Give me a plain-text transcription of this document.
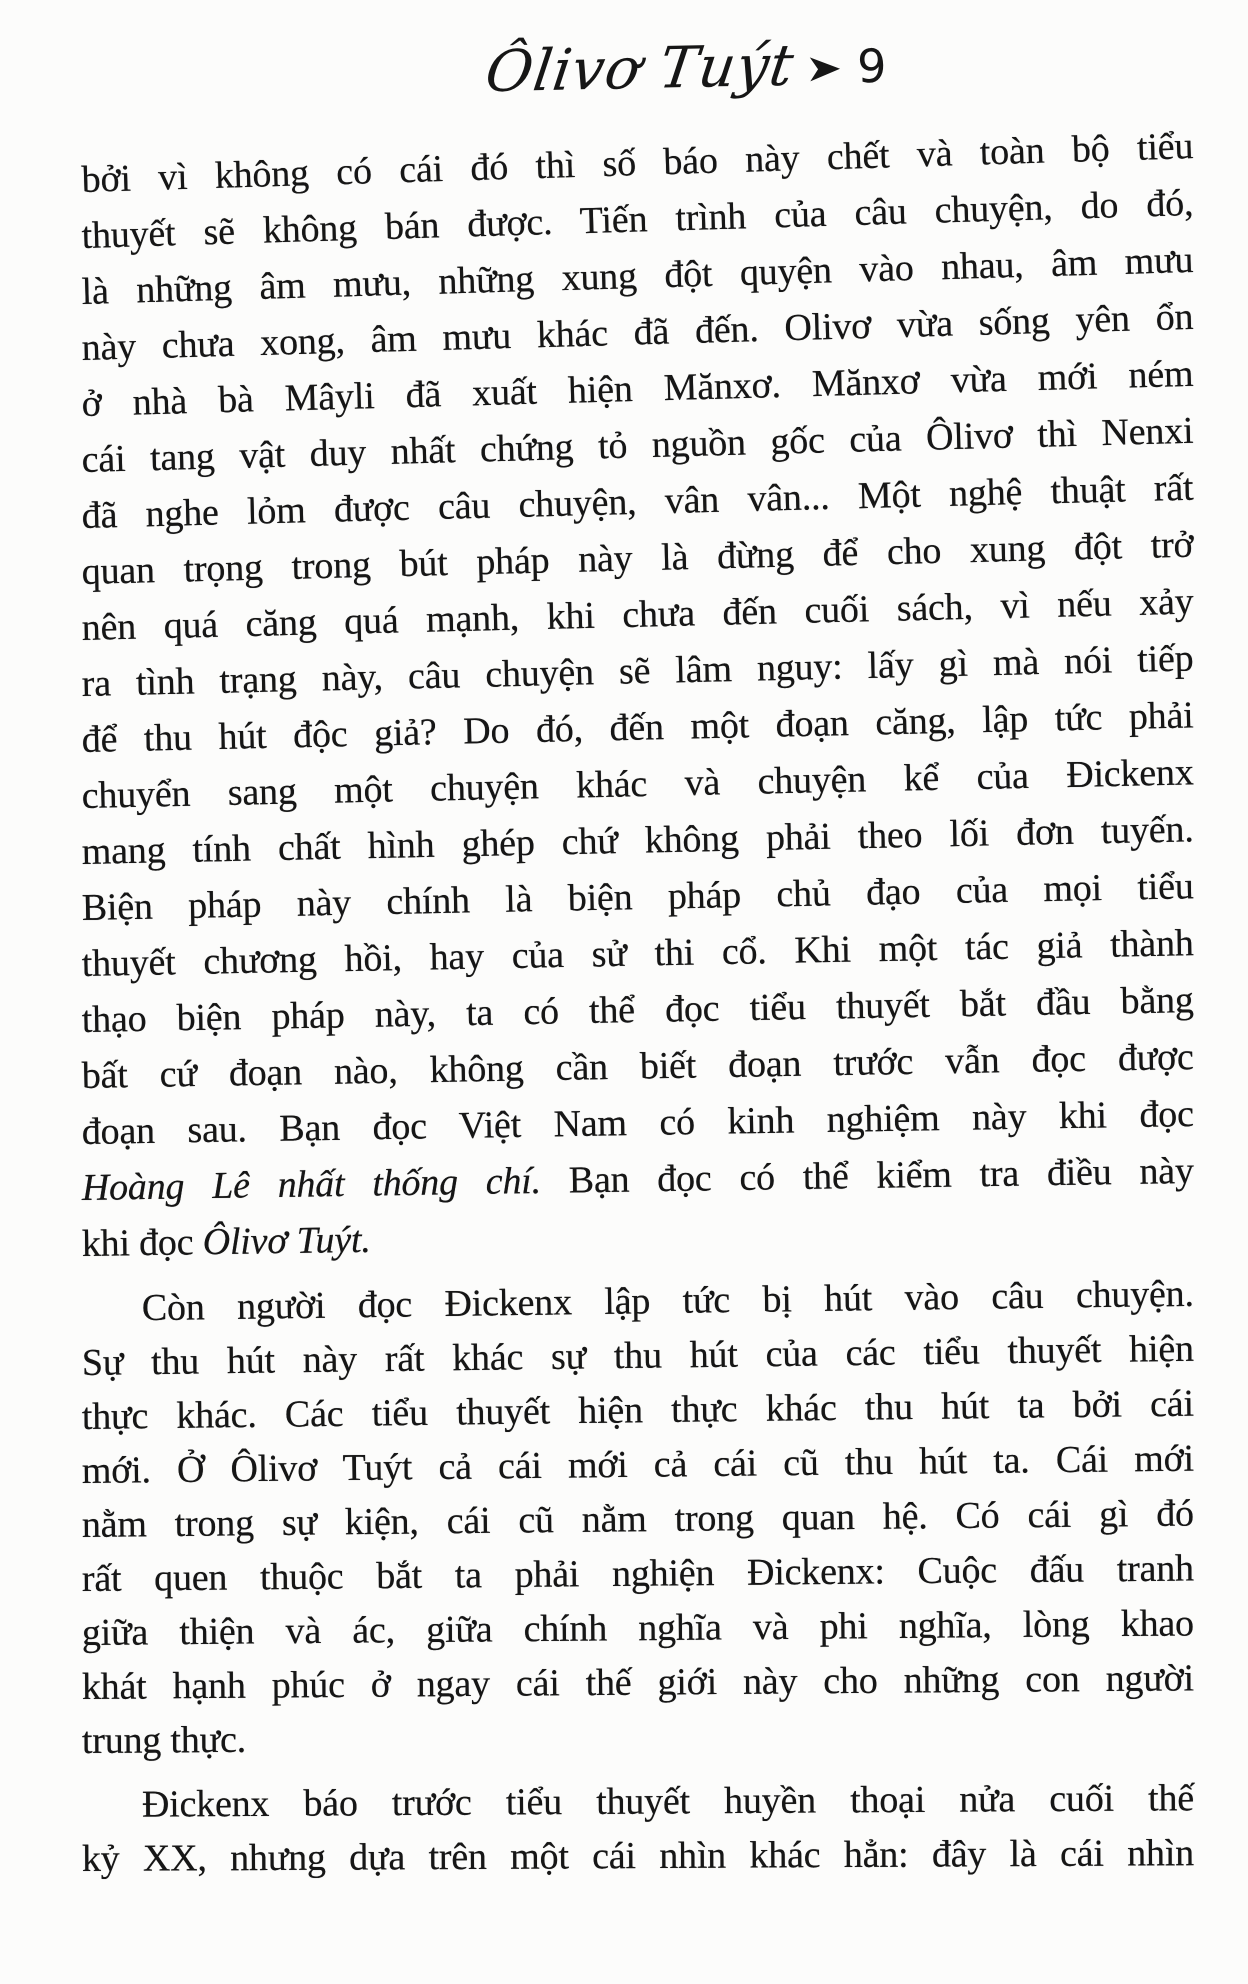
Ôlivơ Tuýt 9
bởi vì không có cái đó thì số báo này chết và toàn bộ tiểu
thuyết sẽ không bán được. Tiến trình của câu chuyện, do đó,
là những âm mưu, những xung đột quyện vào nhau, âm mưu
này chưa xong, âm mưu khác đã đến. Olivơ vừa sống yên ổn
ở nhà bà Mâyli đã xuất hiện Mănxơ. Mănxơ vừa mới ném
cái tang vật duy nhất chứng tỏ nguồn gốc của Ôlivơ thì Nenxi
đã nghe lỏm được câu chuyện, vân vân... Một nghệ thuật rất
quan trọng trong bút pháp này là đừng để cho xung đột trở
nên quá căng quá mạnh, khi chưa đến cuối sách, vì nếu xảy
ra tình trạng này, câu chuyện sẽ lâm nguy: lấy gì mà nói tiếp
để thu hút độc giả? Do đó, đến một đoạn căng, lập tức phải
chuyển sang một chuyện khác và chuyện kể của Đickenx
mang tính chất hình ghép chứ không phải theo lối đơn tuyến.
Biện pháp này chính là biện pháp chủ đạo của mọi tiểu
thuyết chương hồi, hay của sử thi cổ. Khi một tác giả thành
thạo biện pháp này, ta có thể đọc tiểu thuyết bắt đầu bằng
bất cứ đoạn nào, không cần biết đoạn trước vẫn đọc được
đoạn sau. Bạn đọc Việt Nam có kinh nghiệm này khi đọc
Hoàng Lê nhất thống chí. Bạn đọc có thể kiểm tra điều này
khi đọc Ôlivơ Tuýt.
Còn người đọc Đickenx lập tức bị hút vào câu chuyện.
Sự thu hút này rất khác sự thu hút của các tiểu thuyết hiện
thực khác. Các tiểu thuyết hiện thực khác thu hút ta bởi cái
mới. Ở Ôlivơ Tuýt cả cái mới cả cái cũ thu hút ta. Cái mới
nằm trong sự kiện, cái cũ nằm trong quan hệ. Có cái gì đó
rất quen thuộc bắt ta phải nghiện Đickenx: Cuộc đấu tranh
giữa thiện và ác, giữa chính nghĩa và phi nghĩa, lòng khao
khát hạnh phúc ở ngay cái thế giới này cho những con người
trung thực.
Đickenx báo trước tiểu thuyết huyền thoại nửa cuối thế
kỷ XX, nhưng dựa trên một cái nhìn khác hẳn: đây là cái nhìn
